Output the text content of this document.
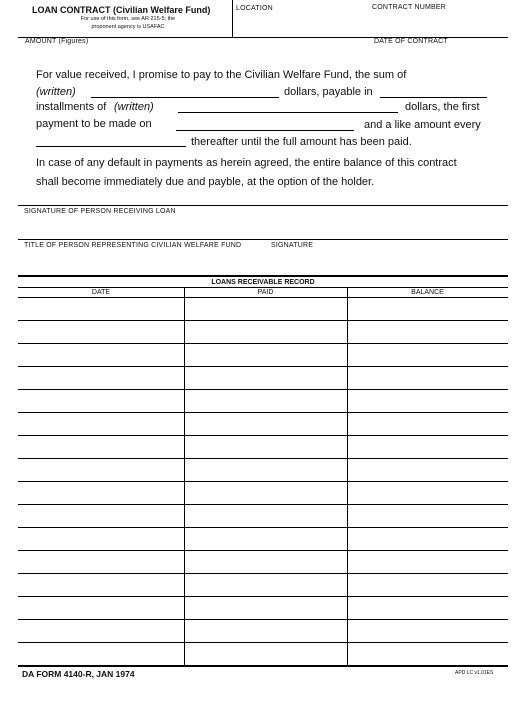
LOAN CONTRACT (Civilian Welfare Fund)
For use of this form, see AR 215-5; the
proponent agency is USAFAC
LOCATION	CONTRACT NUMBER
AMOUNT (Figures)	DATE OF CONTRACT
For value received, I promise to pay to the Civilian Welfare Fund, the sum of
(written)	dollars, payable in
installments of (written)	dollars, the first
payment to be made on	and a like amount every
thereafter until the full amount has been paid.
In case of any default in payments as herein agreed, the entire balance of this contract
shall become immediately due and payble, at the option of the holder.
SIGNATURE OF PERSON RECEIVING LOAN
TITLE OF PERSON REPRESENTING CIVILIAN WELFARE FUND	SIGNATURE
LOANS RECEIVABLE RECORD
DATE	PAID	BALANCE
DA FORM 4140-R, JAN 1974	APD LC v1.01ES
